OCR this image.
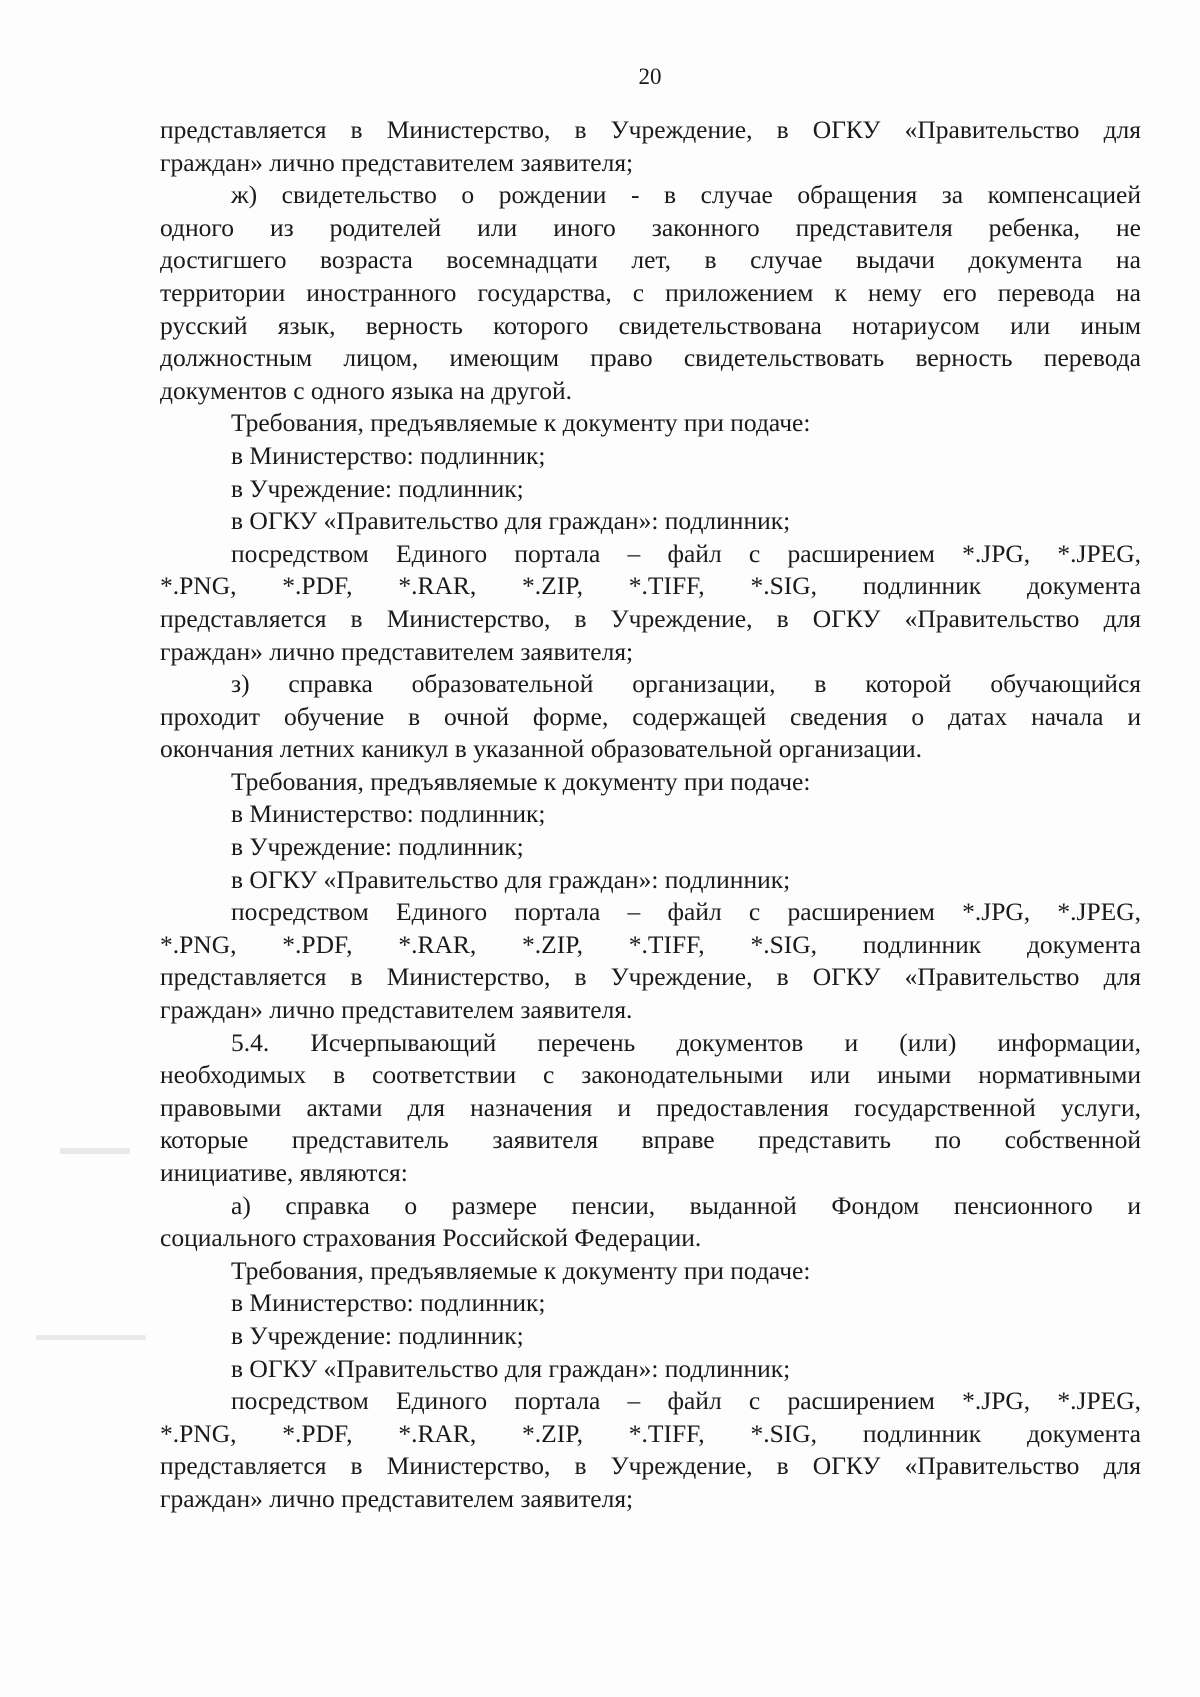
20

представляется в Министерство, в Учреждение, в ОГКУ «Правительство для
граждан» лично представителем заявителя;

ж) свидетельство о рождении - в случае обращения за компенсацией
одного из родителей или иного законного представителя ребенка, не
достигшего возраста восемнадцати лет, в случае выдачи документа на
территории иностранного государства, с приложением к нему его перевода на
русский язык, верность которого свидетельствована нотариусом или иным
должностным лицом, имеющим право свидетельствовать верность перевода
документов с одного языка на другой.

Требования, предъявляемые к документу при подаче:

в Министерство: подлинник;

в Учреждение: подлинник;

в ОГКУ «Правительство для граждан»: подлинник;

посредством Единого портала – файл с расширением *.JPG, *.JPEG,
*.PNG, *.PDF, *.RAR, *.ZIP, *.TIFF, *.SIG, подлинник документа
представляется в Министерство, в Учреждение, в ОГКУ «Правительство для
граждан» лично представителем заявителя;

з) справка образовательной организации, в которой обучающийся
проходит обучение в очной форме, содержащей сведения о датах начала и
окончания летних каникул в указанной образовательной организации.

Требования, предъявляемые к документу при подаче:

в Министерство: подлинник;

в Учреждение: подлинник;

в ОГКУ «Правительство для граждан»: подлинник;

посредством Единого портала – файл с расширением *.JPG, *.JPEG,
*.PNG, *.PDF, *.RAR, *.ZIP, *.TIFF, *.SIG, подлинник документа
представляется в Министерство, в Учреждение, в ОГКУ «Правительство для
граждан» лично представителем заявителя.

5.4. Исчерпывающий перечень документов и (или) информации,
необходимых в соответствии с законодательными или иными нормативными
правовыми актами для назначения и предоставления государственной услуги,
которые представитель заявителя вправе представить по собственной
инициативе, являются:

а) справка о размере пенсии, выданной Фондом пенсионного и
социального страхования Российской Федерации.

Требования, предъявляемые к документу при подаче:

в Министерство: подлинник;

в Учреждение: подлинник;

в ОГКУ «Правительство для граждан»: подлинник;

посредством Единого портала – файл с расширением *.JPG, *.JPEG,
*.PNG, *.PDF, *.RAR, *.ZIP, *.TIFF, *.SIG, подлинник документа
представляется в Министерство, в Учреждение, в ОГКУ «Правительство для
граждан» лично представителем заявителя;
